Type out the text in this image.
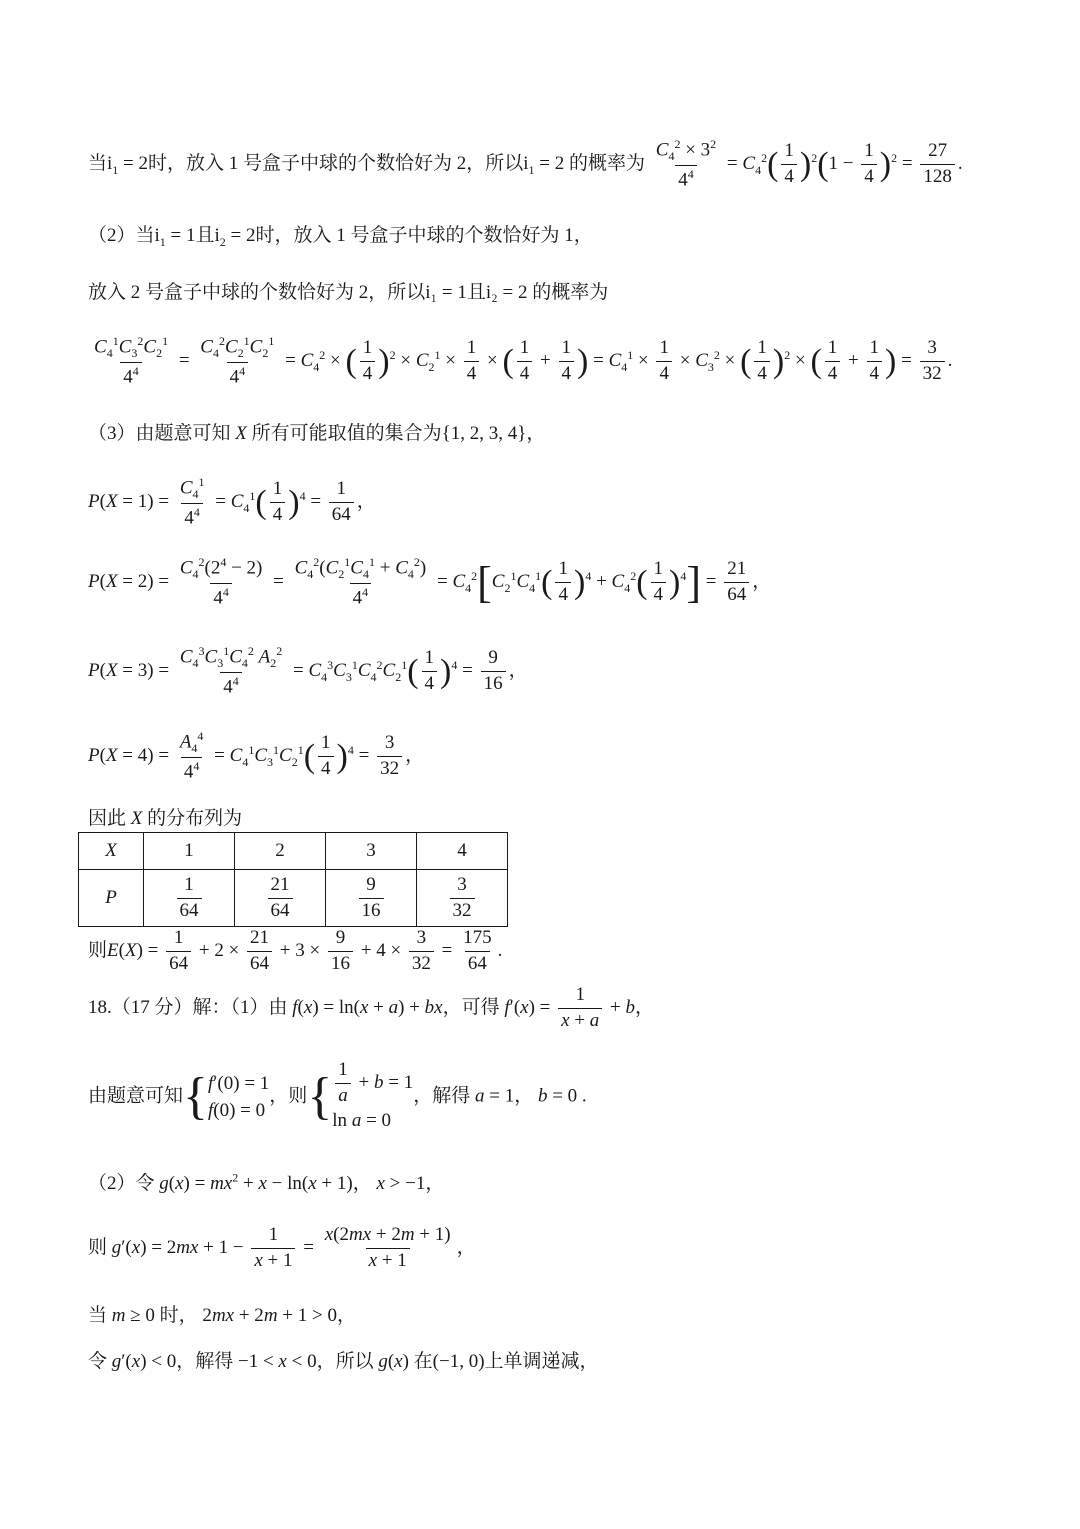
当$i_1 = 2$时，放入 1 号盒子中球的个数恰好为 2，所以$i_1 = 2$ 的概率为 $\frac{C_4^2 \times 3^2}{4^4} = C_4^2( \frac{1}{4} )^2(1 - \frac{1}{4} )^2 = \frac{27}{128}$ .
（2）当$i_1 = 1$且$i_2 = 2$时，放入 1 号盒子中球的个数恰好为 1，
放入 2 号盒子中球的个数恰好为 2，所以i₁ = 1且i₂ = 2 的概率为
$\frac{C_4^1C_3^2C_2^1}{4^4} = \frac{C_4^2C_2^1C_2^1}{4^4} = C_4^2$ × ( $\frac{1}{4} )^2 \times C_2^1 \times \frac{1}{4}$ × ( $\frac{1}{4} + \frac{1}{4}$ ) = $C_4^1 \times \frac{1}{4} \times C_3^2$ × ( $\frac{1}{4} )^2$ × ( $\frac{1}{4} + \frac{1}{4}$ ) = $\frac{3}{32}$ .
（3）由题意可知 X 所有可能取值的集合为{1, 2, 3, 4}，
$P(X = 1) = \frac{C_4^1}{4^4} = C_4^1( \frac{1}{4} )^4 = \frac{1}{64}$ ，
$P(X = 2) = \frac{C_4^2(2^4 - 2)}{4^4} = \frac{C_4^2(C_2^1C_4^1 + C_4^2)}{4^4} = C_4^2[C_2^1C_4^1( \frac{1}{4} )^4 + C_4^2( \frac{1}{4} )^4] = \frac{21}{64}$ ，
$P(X = 3) = \frac{C_4^3C_3^1C_4^2 A_2^2}{4^4} = C_4^3C_3^1C_4^2C_2^1( \frac{1}{4} )^4 = \frac{9}{16}$ ，
$P(X = 4) = \frac{A_4^4}{4^4} = C_4^1C_3^1C_2^1( \frac{1}{4} )^4 = \frac{3}{32}$ ，
因此 X 的分布列为
X	1	2	3	4
P	$\frac{1}{64}$	$\frac{21}{64}$	$\frac{9}{16}$	$\frac{3}{32}$
则$E(X) = \frac{1}{64} + 2 \times \frac{21}{64} + 3 \times \frac{9}{16} + 4 \times \frac{3}{32} = \frac{175}{64}$ .
18.（17 分）解：（1）由 f(x) = ln(x + a) + bx，可得 $f'(x) = \frac{1}{x + a} + b$，
由题意可知{ f′(0) = 1
f(0) = 0
，则{ $\frac{1}{a} + b = 1$
ln a = 0
，解得 a = 1， b = 0 .
（2）令 $g(x) = mx^2 + x - \ln(x + 1)$， x > −1，
则 $g'(x) = 2mx + 1 - \frac{1}{x + 1} = \frac{x(2mx + 2m + 1)}{x + 1}$ ，
当 m ≥ 0 时， 2mx + 2m + 1 > 0，
令 g′(x) < 0，解得 −1 < x < 0，所以 g(x) 在(−1, 0)上单调递减，
